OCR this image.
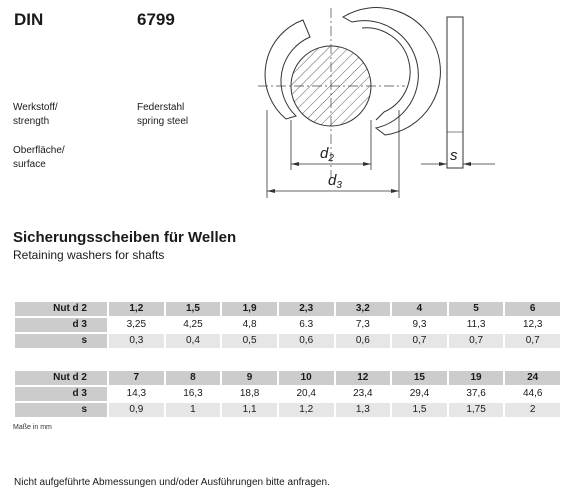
DIN	6799
Werkstoff/
strength
Federstahl
spring steel
Oberfläche/
surface
$d_2$
$d_3$
s
Sicherungsscheiben für Wellen
Retaining washers for shafts
Nut d 2	1,2	1,5	1,9	2,3	3,2	4	5	6
d 3	3,25	4,25	4,8	6.3	7,3	9,3	11,3	12,3
s	0,3	0,4	0,5	0,6	0,6	0,7	0,7	0,7
Nut d 2	7	8	9	10	12	15	19	24
d 3	14,3	16,3	18,8	20,4	23,4	29,4	37,6	44,6
s	0,9	1	1,1	1,2	1,3	1,5	1,75	2
Maße in mm
Nicht aufgeführte Abmessungen und/oder Ausführungen bitte anfragen.
